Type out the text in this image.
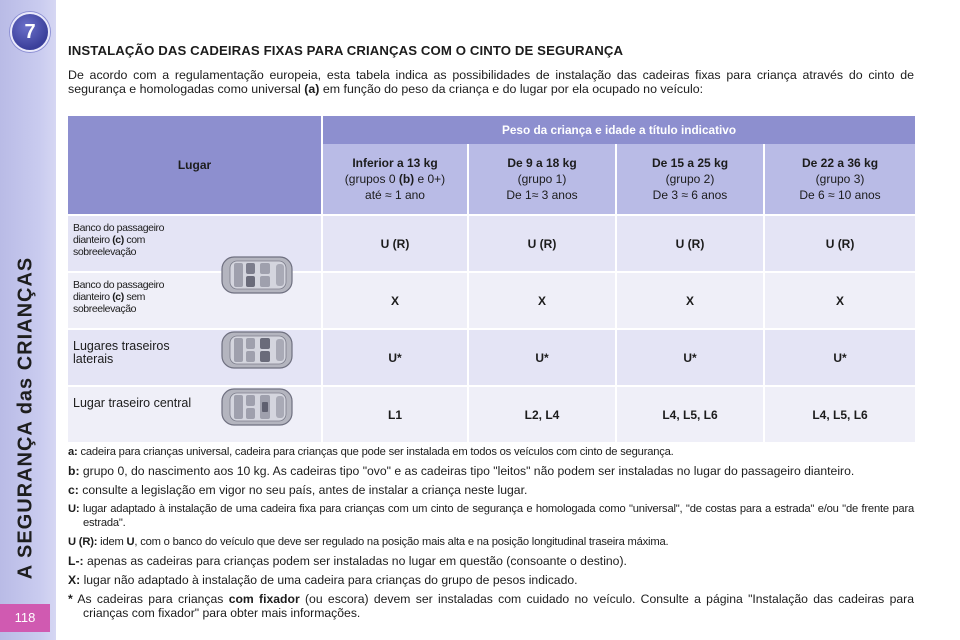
7
A SEGURANÇA das CRIANÇAS
118
INSTALAÇÃO DAS CADEIRAS FIXAS PARA CRIANÇAS COM O CINTO DE SEGURANÇA
De acordo com a regulamentação europeia, esta tabela indica as possibilidades de instalação das cadeiras fixas para criança através do cinto de segurança e homologadas como universal (a) em função do peso da criança e do lugar por ela ocupado no veículo:
Lugar	Peso da criança e idade a título indicativo			

	Inferior a 13 kg
(grupos 0 (b) e 0+)
até ≈ 1 ano	De 9 a 18 kg
(grupo 1)
De 1≈ 3 anos	De 15 a 25 kg
(grupo 2)
De 3 ≈ 6 anos	De 22 a 36 kg
(grupo 3)
De 6 ≈ 10 anos

Banco do passageiro dianteiro (c) com sobreelevação	U (R)	U (R)	U (R)	U (R)

Banco do passageiro dianteiro (c) sem sobreelevação	X	X	X	X

Lugares traseiros laterais	U*	U*	U*	U*

Lugar traseiro central	L1	L2, L4	L4, L5, L6	L4, L5, L6

a: cadeira para crianças universal, cadeira para crianças que pode ser instalada em todos os veículos com cinto de segurança.

b: grupo 0, do nascimento aos 10 kg. As cadeiras tipo "ovo" e as cadeiras tipo "leitos" não podem ser instaladas no lugar do passageiro dianteiro.

c: consulte a legislação em vigor no seu país, antes de instalar a criança neste lugar.

U: lugar adaptado à instalação de uma cadeira fixa para crianças com um cinto de segurança e homologada como "universal", "de costas para a estrada" e/ou "de frente para estrada".

U (R): idem U, com o banco do veículo que deve ser regulado na posição mais alta e na posição longitudinal traseira máxima.

L-: apenas as cadeiras para crianças podem ser instaladas no lugar em questão (consoante o destino).

X: lugar não adaptado à instalação de uma cadeira para crianças do grupo de pesos indicado.

* As cadeiras para crianças com fixador (ou escora) devem ser instaladas com cuidado no veículo. Consulte a página "Instalação das cadeiras para crianças com fixador" para obter mais informações.
